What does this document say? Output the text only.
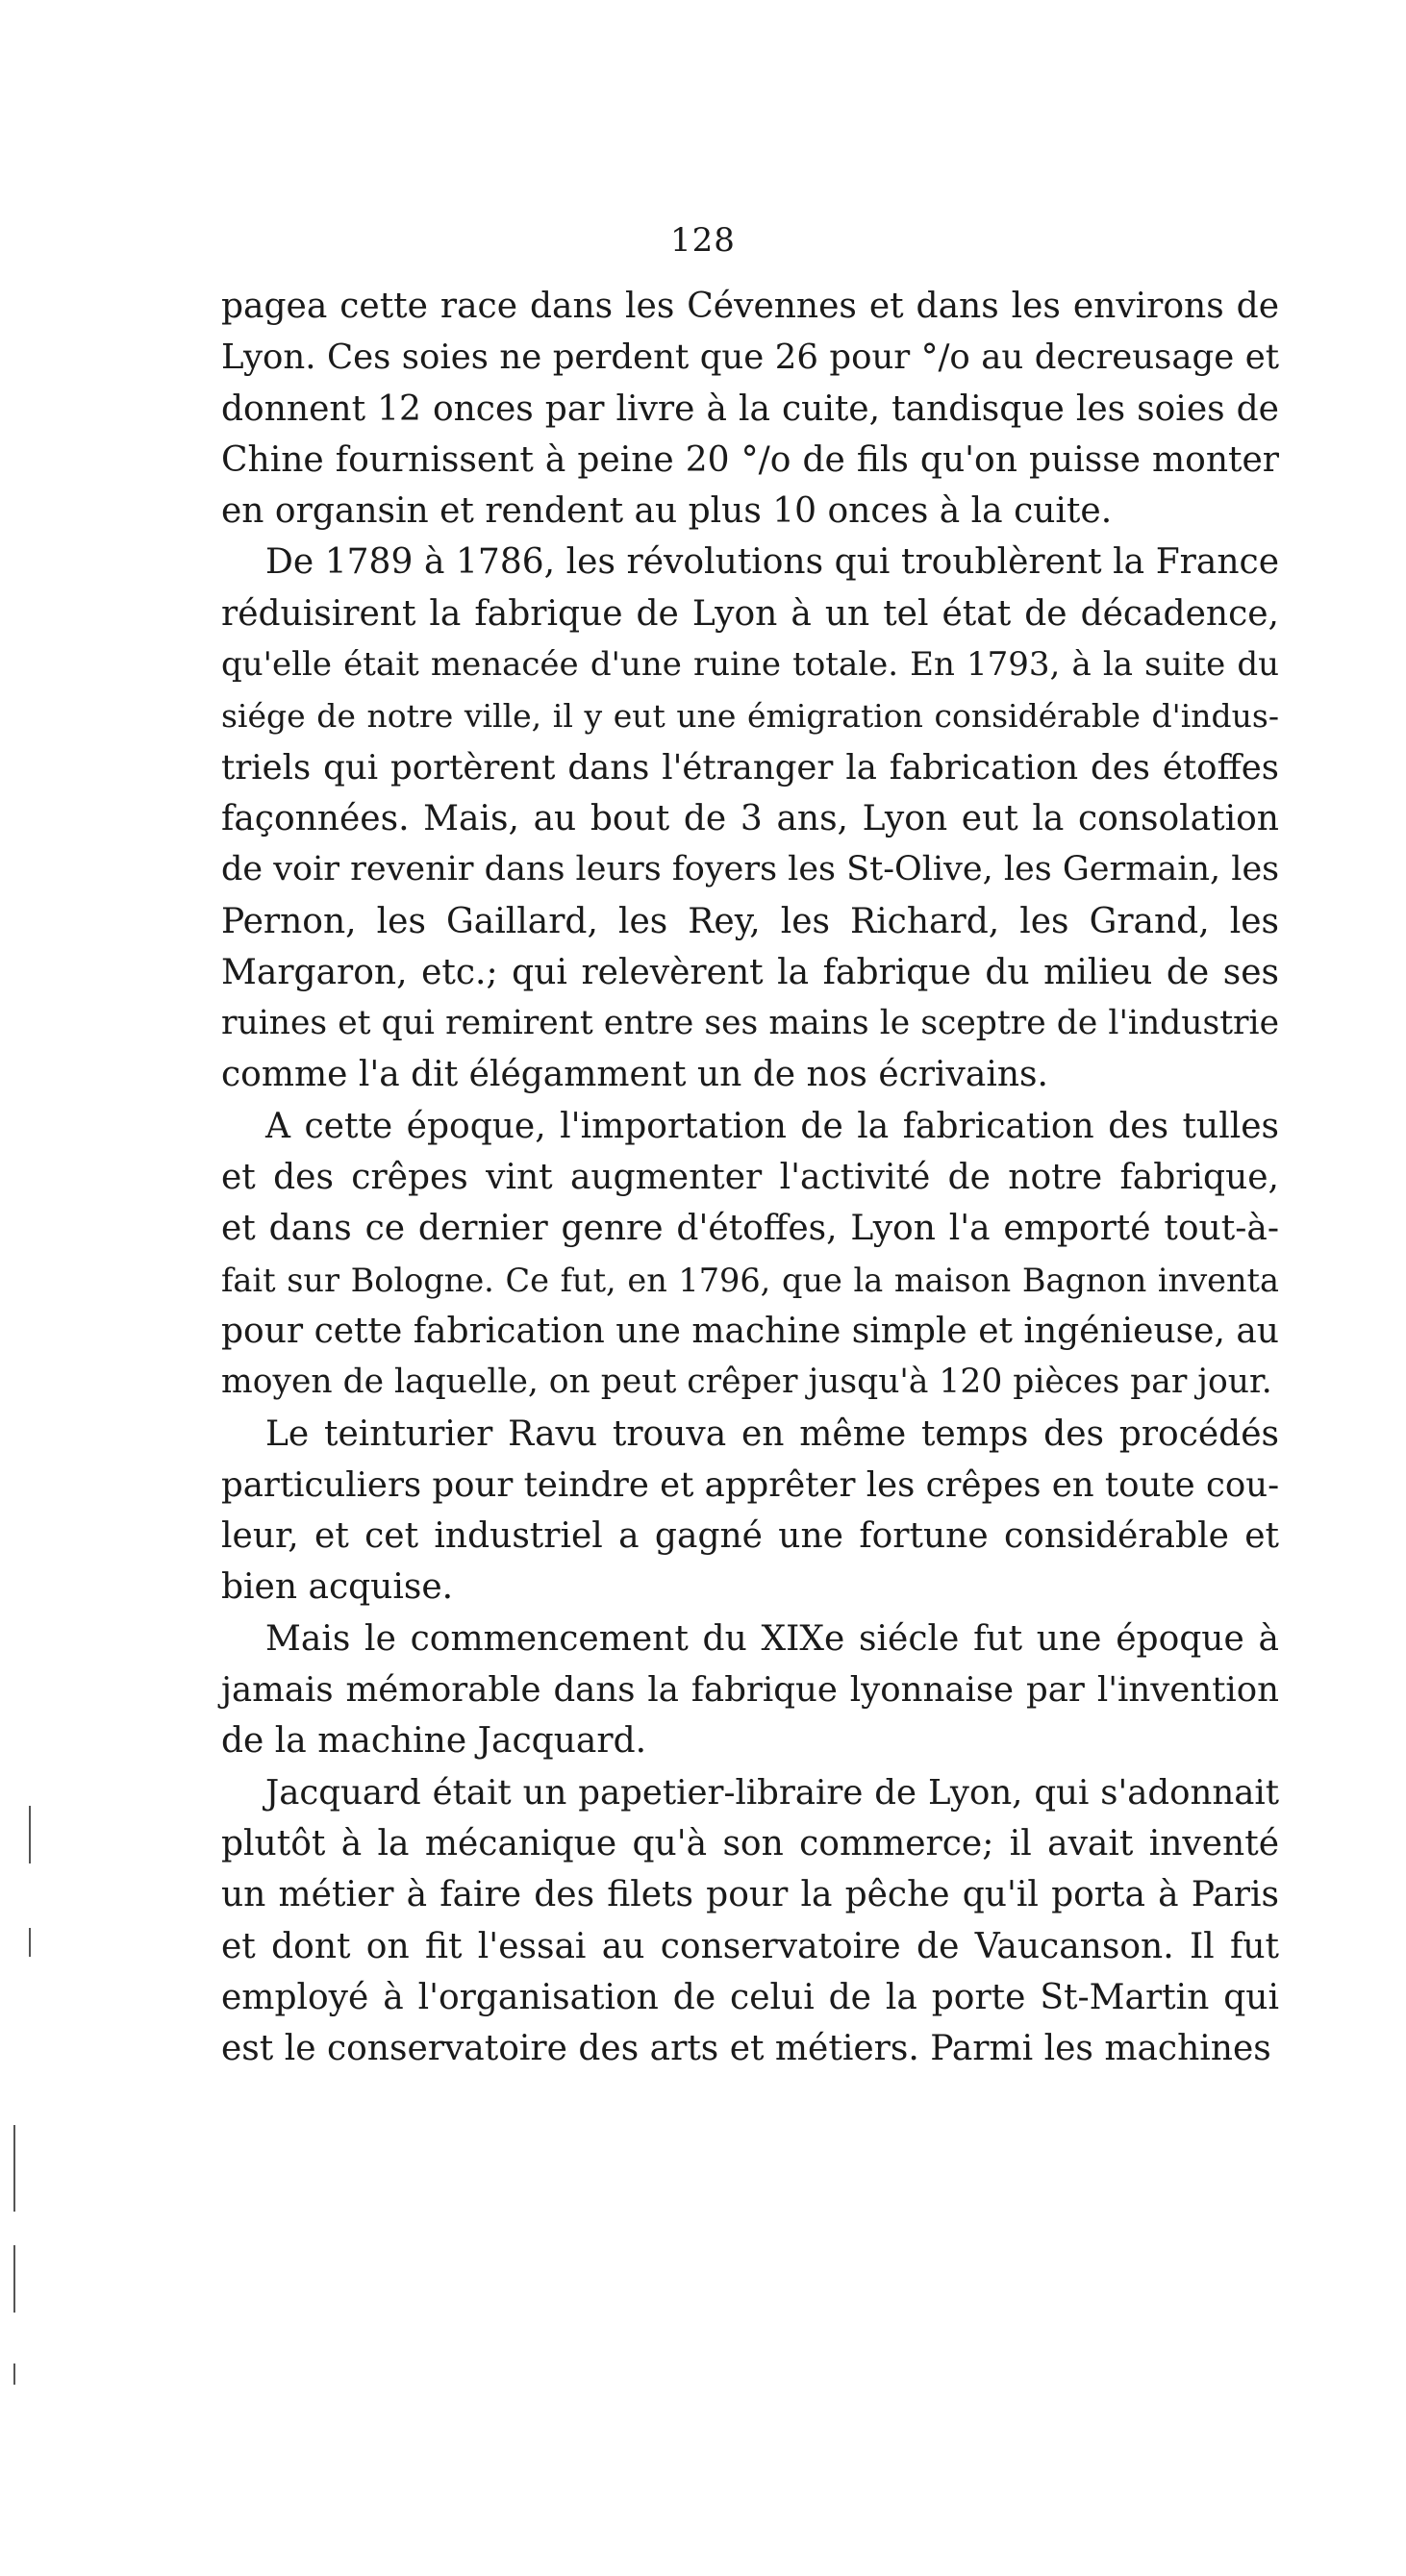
128
pagea cette race dans les Cévennes et dans les environs de
Lyon. Ces soies ne perdent que 26 pour °/o au decreusage et
donnent 12 onces par livre à la cuite, tandisque les soies de
Chine fournissent à peine 20 °/o de fils qu'on puisse monter
en organsin et rendent au plus 10 onces à la cuite.
De 1789 à 1786, les révolutions qui troublèrent la France
réduisirent la fabrique de Lyon à un tel état de décadence,
qu'elle était menacée d'une ruine totale. En 1793, à la suite du
siége de notre ville, il y eut une émigration considérable d'indus-
triels qui portèrent dans l'étranger la fabrication des étoffes
façonnées. Mais, au bout de 3 ans, Lyon eut la consolation
de voir revenir dans leurs foyers les St-Olive, les Germain, les
Pernon, les Gaillard, les Rey, les Richard, les Grand, les
Margaron, etc.; qui relevèrent la fabrique du milieu de ses
ruines et qui remirent entre ses mains le sceptre de l'industrie
comme l'a dit élégamment un de nos écrivains.
A cette époque, l'importation de la fabrication des tulles
et des crêpes vint augmenter l'activité de notre fabrique,
et dans ce dernier genre d'étoffes, Lyon l'a emporté tout-à-
fait sur Bologne. Ce fut, en 1796, que la maison Bagnon inventa
pour cette fabrication une machine simple et ingénieuse, au
moyen de laquelle, on peut crêper jusqu'à 120 pièces par jour.
Le teinturier Ravu trouva en même temps des procédés
particuliers pour teindre et apprêter les crêpes en toute cou-
leur, et cet industriel a gagné une fortune considérable et
bien acquise.
Mais le commencement du XIXe siécle fut une époque à
jamais mémorable dans la fabrique lyonnaise par l'invention
de la machine Jacquard.
Jacquard était un papetier-libraire de Lyon, qui s'adonnait
plutôt à la mécanique qu'à son commerce; il avait inventé
un métier à faire des filets pour la pêche qu'il porta à Paris
et dont on fit l'essai au conservatoire de Vaucanson. Il fut
employé à l'organisation de celui de la porte St-Martin qui
est le conservatoire des arts et métiers. Parmi les machines
